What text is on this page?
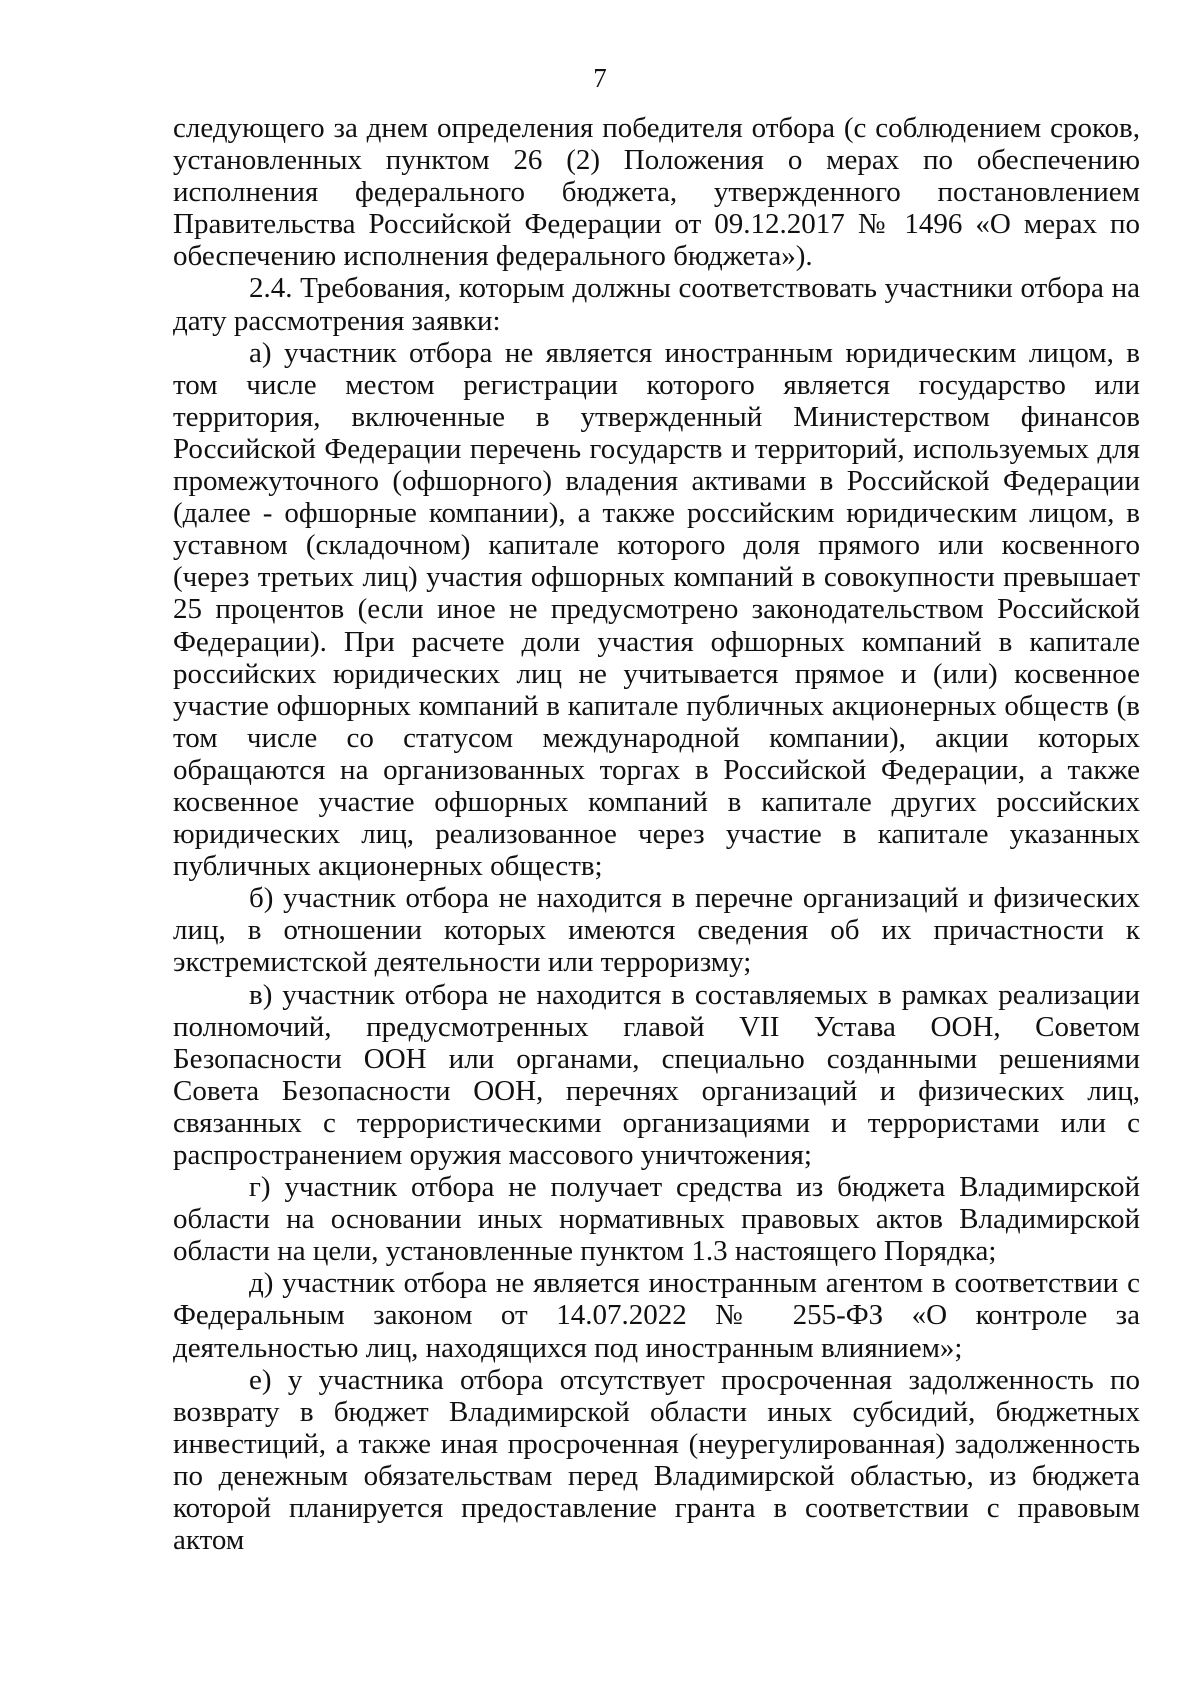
7

следующего за днем определения победителя отбора (с соблюдением сроков, установленных пунктом 26 (2) Положения о мерах по обеспечению исполнения федерального бюджета, утвержденного постановлением Правительства Российской Федерации от 09.12.2017 № 1496 «О мерах по обеспечению исполнения федерального бюджета»).

2.4. Требования, которым должны соответствовать участники отбора на дату рассмотрения заявки:

а) участник отбора не является иностранным юридическим лицом, в том числе местом регистрации которого является государство или территория, включенные в утвержденный Министерством финансов Российской Федерации перечень государств и территорий, используемых для промежуточного (офшорного) владения активами в Российской Федерации (далее - офшорные компании), а также российским юридическим лицом, в уставном (складочном) капитале которого доля прямого или косвенного (через третьих лиц) участия офшорных компаний в совокупности превышает 25 процентов (если иное не предусмотрено законодательством Российской Федерации). При расчете доли участия офшорных компаний в капитале российских юридических лиц не учитывается прямое и (или) косвенное участие офшорных компаний в капитале публичных акционерных обществ (в том числе со статусом международной компании), акции которых обращаются на организованных торгах в Российской Федерации, а также косвенное участие офшорных компаний в капитале других российских юридических лиц, реализованное через участие в капитале указанных публичных акционерных обществ;

б) участник отбора не находится в перечне организаций и физических лиц, в отношении которых имеются сведения об их причастности к экстремистской деятельности или терроризму;

в) участник отбора не находится в составляемых в рамках реализации полномочий, предусмотренных главой VII Устава ООН, Советом Безопасности ООН или органами, специально созданными решениями Совета Безопасности ООН, перечнях организаций и физических лиц, связанных с террористическими организациями и террористами или с распространением оружия массового уничтожения;

г) участник отбора не получает средства из бюджета Владимирской области на основании иных нормативных правовых актов Владимирской области на цели, установленные пунктом 1.3 настоящего Порядка;

д) участник отбора не является иностранным агентом в соответствии с Федеральным законом от 14.07.2022 № 255-ФЗ «О контроле за деятельностью лиц, находящихся под иностранным влиянием»;

е) у участника отбора отсутствует просроченная задолженность по возврату в бюджет Владимирской области иных субсидий, бюджетных инвестиций, а также иная просроченная (неурегулированная) задолженность по денежным обязательствам перед Владимирской областью, из бюджета которой планируется предоставление гранта в соответствии с правовым актом
